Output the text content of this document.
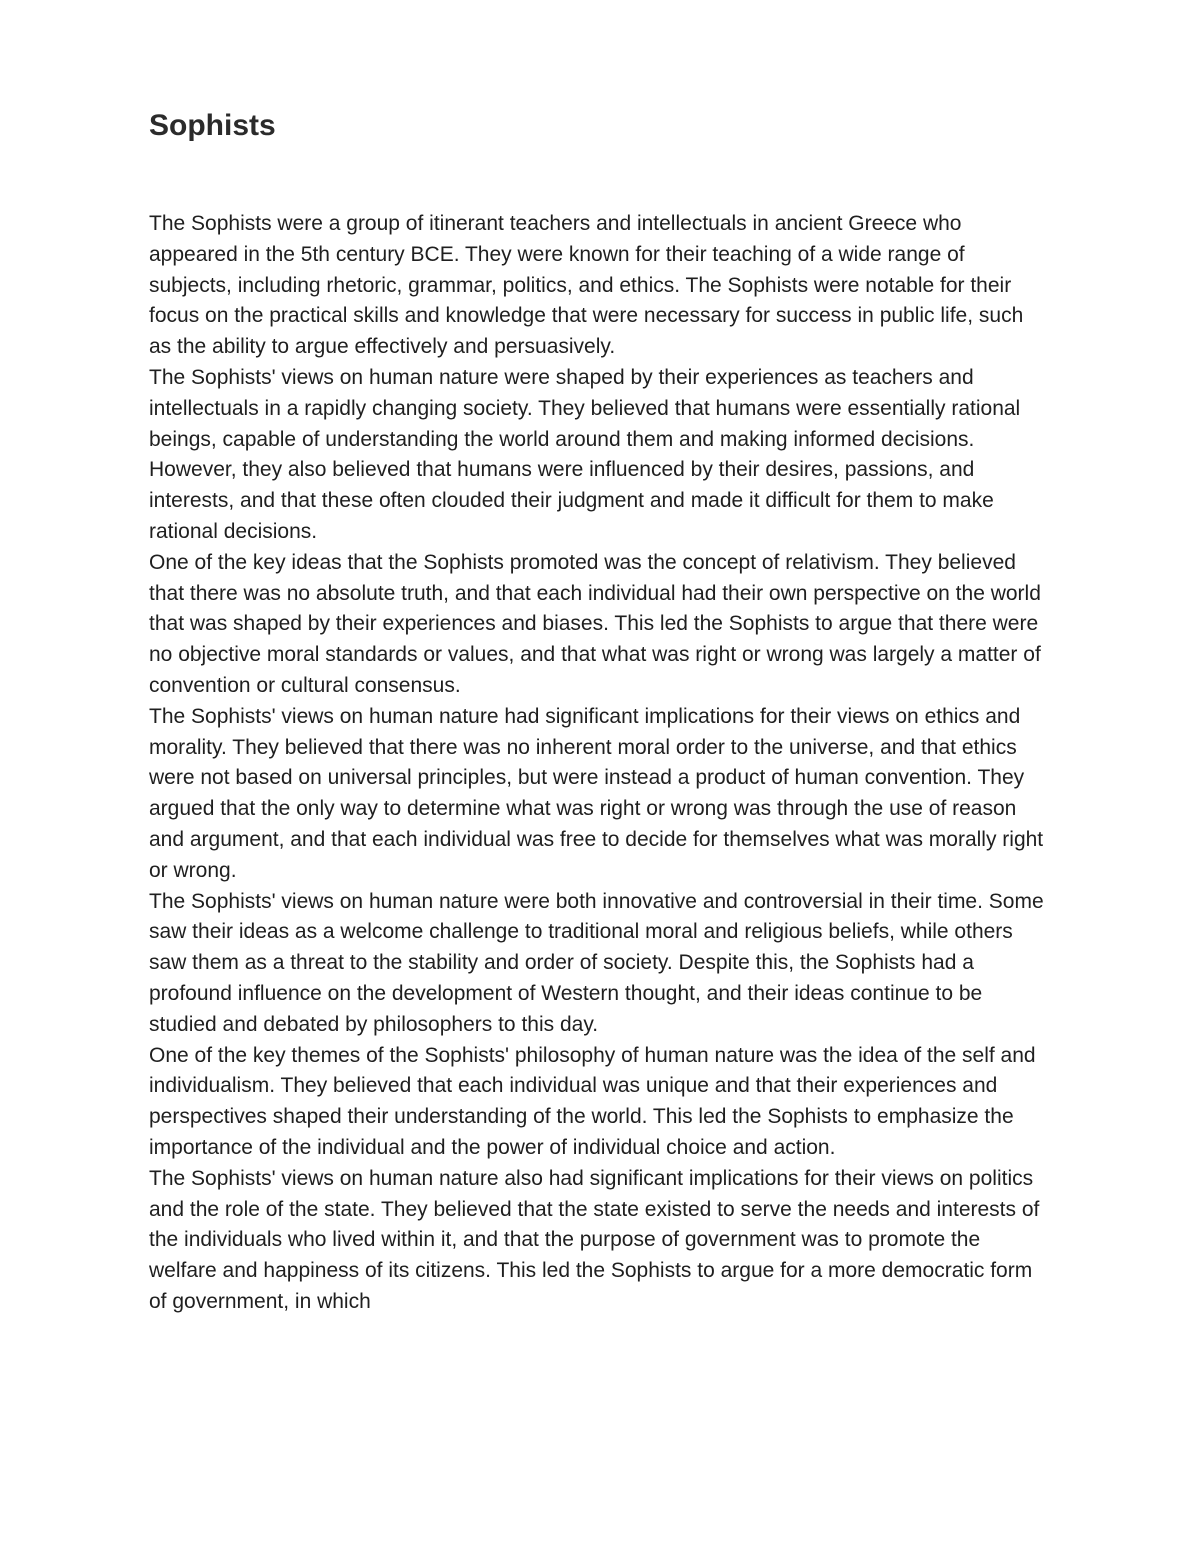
Sophists

The Sophists were a group of itinerant teachers and intellectuals in ancient Greece who appeared in the 5th century BCE. They were known for their teaching of a wide range of subjects, including rhetoric, grammar, politics, and ethics. The Sophists were notable for their focus on the practical skills and knowledge that were necessary for success in public life, such as the ability to argue effectively and persuasively.

The Sophists' views on human nature were shaped by their experiences as teachers and intellectuals in a rapidly changing society. They believed that humans were essentially rational beings, capable of understanding the world around them and making informed decisions. However, they also believed that humans were influenced by their desires, passions, and interests, and that these often clouded their judgment and made it difficult for them to make rational decisions.

One of the key ideas that the Sophists promoted was the concept of relativism. They believed that there was no absolute truth, and that each individual had their own perspective on the world that was shaped by their experiences and biases. This led the Sophists to argue that there were no objective moral standards or values, and that what was right or wrong was largely a matter of convention or cultural consensus.

The Sophists' views on human nature had significant implications for their views on ethics and morality. They believed that there was no inherent moral order to the universe, and that ethics were not based on universal principles, but were instead a product of human convention. They argued that the only way to determine what was right or wrong was through the use of reason and argument, and that each individual was free to decide for themselves what was morally right or wrong.

The Sophists' views on human nature were both innovative and controversial in their time. Some saw their ideas as a welcome challenge to traditional moral and religious beliefs, while others saw them as a threat to the stability and order of society. Despite this, the Sophists had a profound influence on the development of Western thought, and their ideas continue to be studied and debated by philosophers to this day.

One of the key themes of the Sophists' philosophy of human nature was the idea of the self and individualism. They believed that each individual was unique and that their experiences and perspectives shaped their understanding of the world. This led the Sophists to emphasize the importance of the individual and the power of individual choice and action.

The Sophists' views on human nature also had significant implications for their views on politics and the role of the state. They believed that the state existed to serve the needs and interests of the individuals who lived within it, and that the purpose of government was to promote the welfare and happiness of its citizens. This led the Sophists to argue for a more democratic form of government, in which
